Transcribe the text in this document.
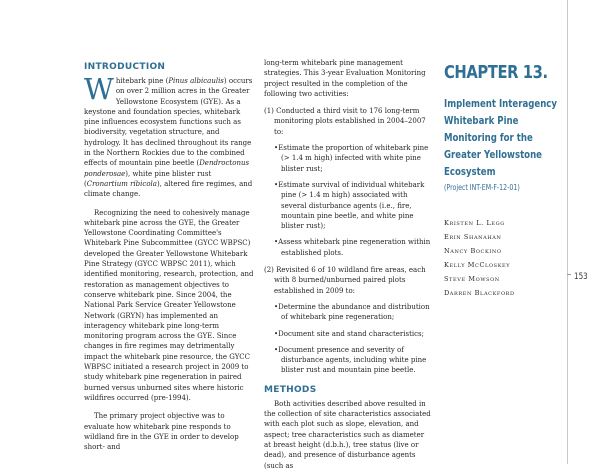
INTRODUCTION

Whitebark pine (Pinus albicaulis) occurs on over 2 million acres in the Greater Yellowstone Ecosystem (GYE). As a keystone and foundation species, whitebark pine influences ecosystem functions such as biodiversity, vegetation structure, and hydrology. It has declined throughout its range in the Northern Rockies due to the combined effects of mountain pine beetle (Dendroctonus ponderosae), white pine blister rust (Cronartium ribicola), altered fire regimes, and climate change.

Recognizing the need to cohesively manage whitebark pine across the GYE, the Greater Yellowstone Coordinating Committee's Whitebark Pine Subcommittee (GYCC WBPSC) developed the Greater Yellowstone Whitebark Pine Strategy (GYCC WBPSC 2011), which identified monitoring, research, protection, and restoration as management objectives to conserve whitebark pine. Since 2004, the National Park Service Greater Yellowstone Network (GRYN) has implemented an interagency whitebark pine long-term monitoring program across the GYE. Since changes in fire regimes may detrimentally impact the whitebark pine resource, the GYCC WBPSC initiated a research project in 2009 to study whitebark pine regeneration in paired burned versus unburned sites where historic wildfires occurred (pre-1994).

The primary project objective was to evaluate how whitebark pine responds to wildland fire in the GYE in order to develop short- and

long-term whitebark pine management strategies. This 3-year Evaluation Monitoring project resulted in the completion of the following two activities:

(1) Conducted a third visit to 176 long-term monitoring plots established in 2004–2007 to:
• Estimate the proportion of whitebark pine (> 1.4 m high) infected with white pine blister rust;
• Estimate survival of individual whitebark pine (> 1.4 m high) associated with several disturbance agents (i.e., fire, mountain pine beetle, and white pine blister rust);
• Assess whitebark pine regeneration within established plots.
(2) Revisited 6 of 10 wildland fire areas, each with 8 burned/unburned paired plots established in 2009 to:
• Determine the abundance and distribution of whitebark pine regeneration;
• Document site and stand characteristics;
• Document presence and severity of disturbance agents, including white pine blister rust and mountain pine beetle.
METHODS

Both activities described above resulted in the collection of site characteristics associated with each plot such as slope, elevation, and aspect; tree characteristics such as diameter at breast height (d.b.h.), tree status (live or dead), and presence of disturbance agents (such as

CHAPTER 13.
Implement Interagency Whitebark Pine Monitoring for the Greater Yellowstone Ecosystem

(Project INT-EM-F-12-01)

Kristen L. Legg

Erin Shanahan

Nancy Bockino

Kelly McCloskey

Steve Mowson

Darren Blackford

153
